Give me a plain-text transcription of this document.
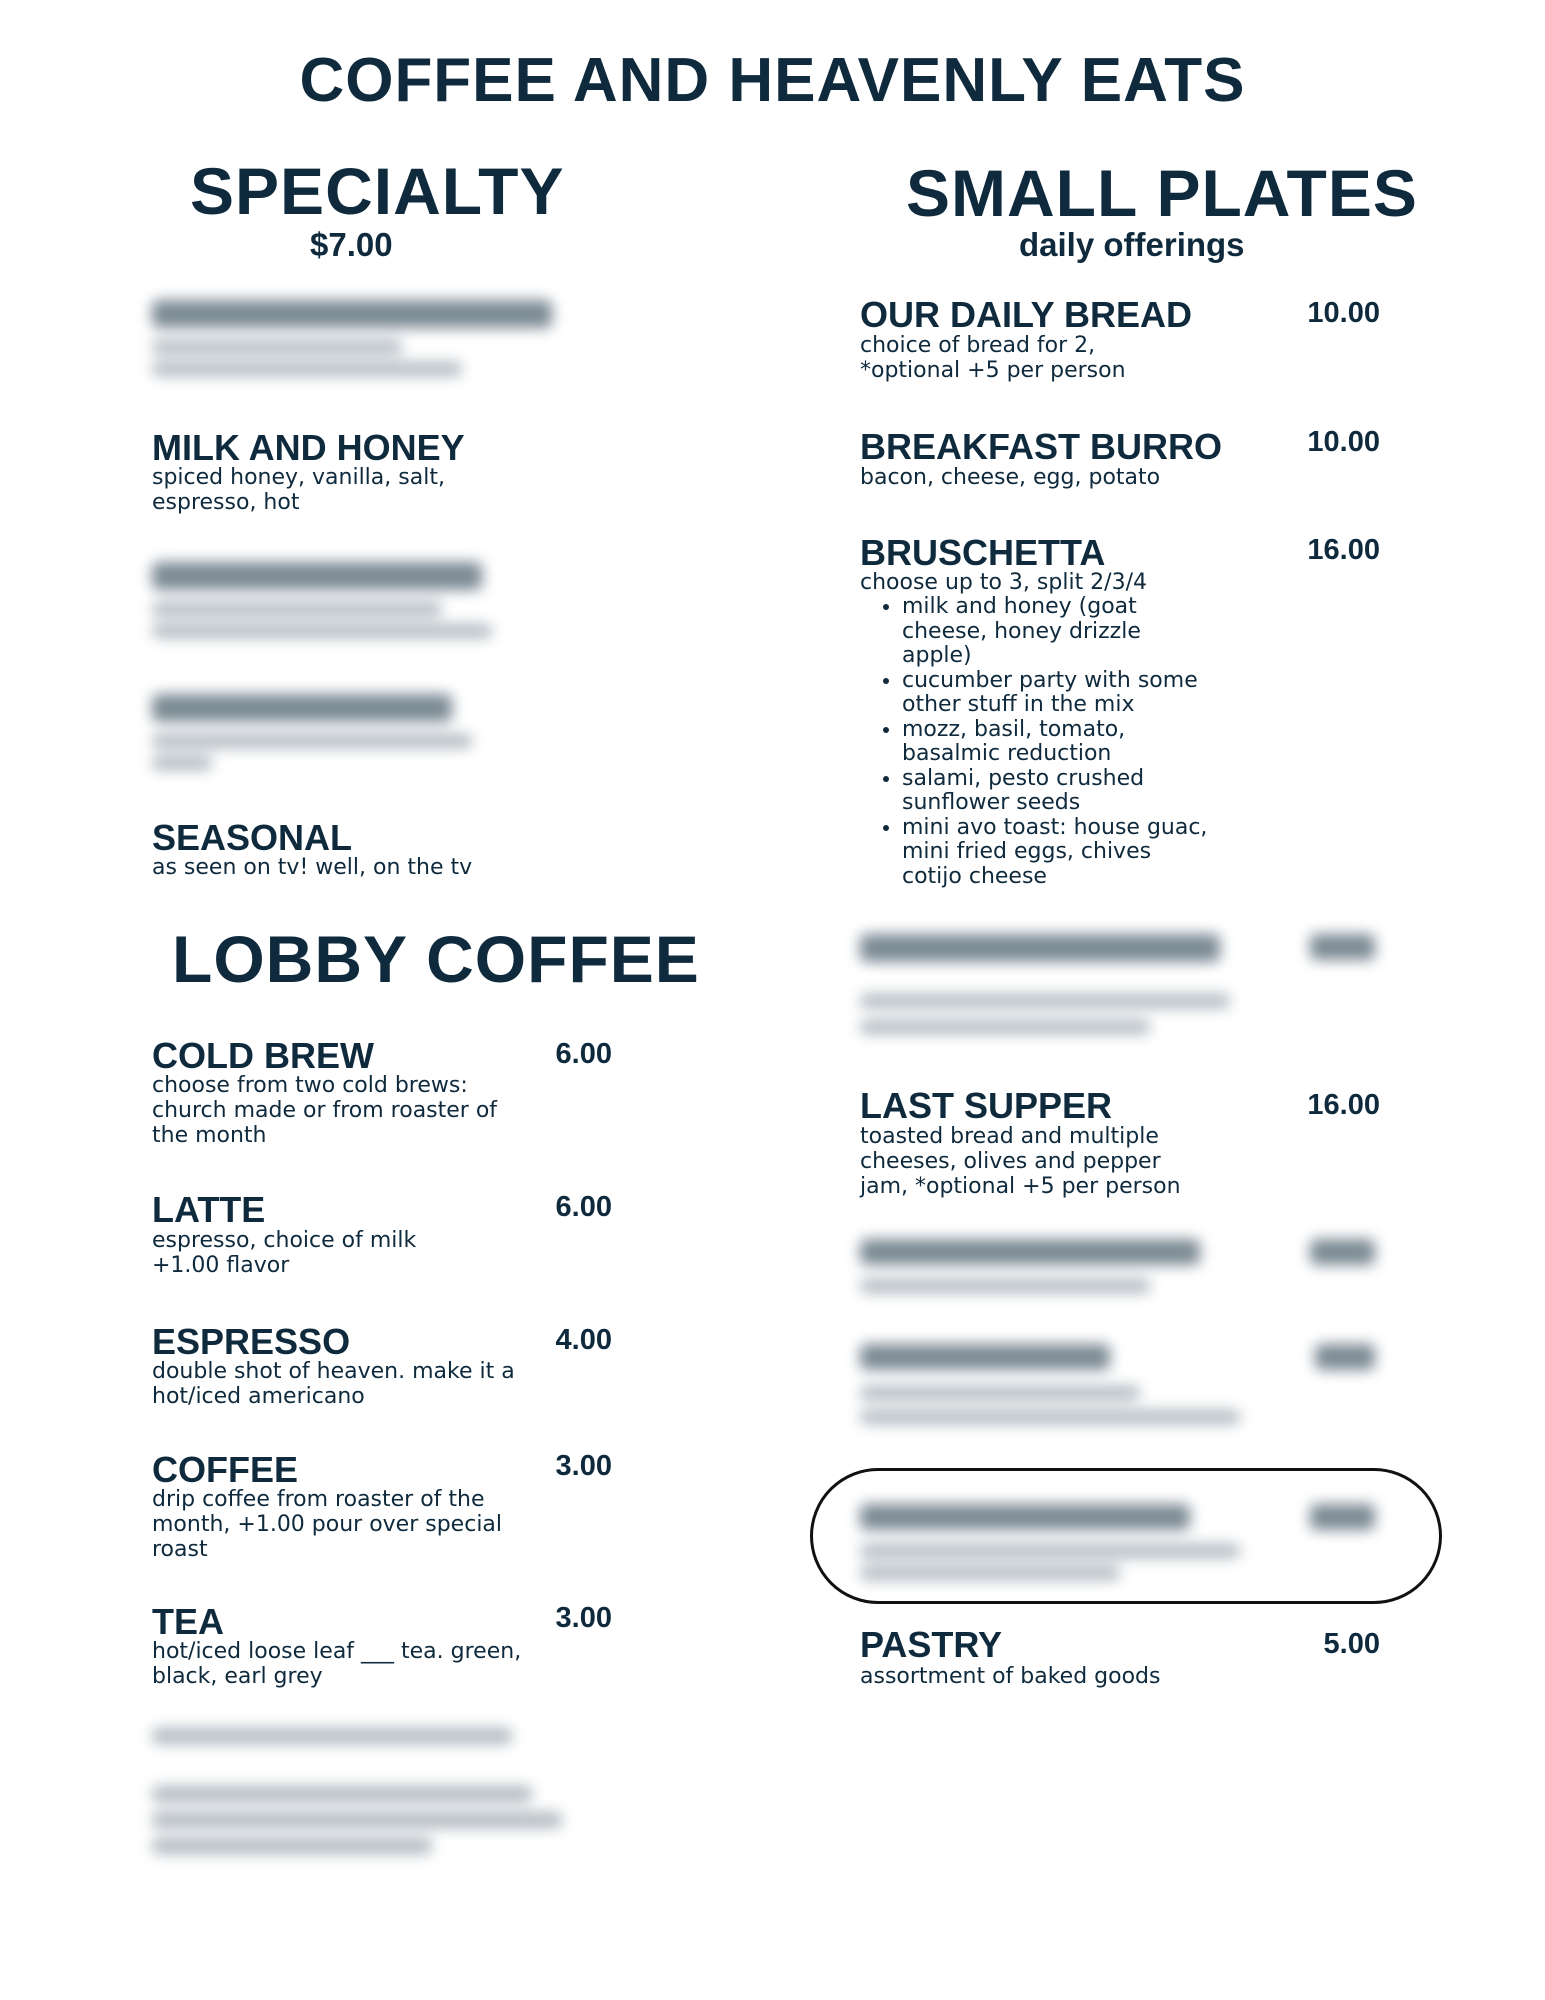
COFFEE AND HEAVENLY EATS
SPECIALTY
$7.00
MILK AND HONEY
spiced honey, vanilla, salt,
espresso, hot
SEASONAL
as seen on tv! well, on the tv
LOBBY COFFEE
COLD BREW	6.00
choose from two cold brews:
church made or from roaster of
the month
LATTE	6.00
espresso, choice of milk
+1.00 flavor
ESPRESSO	4.00
double shot of heaven. make it a
hot/iced americano
COFFEE	3.00
drip coffee from roaster of the
month, +1.00 pour over special
roast
TEA	3.00
hot/iced loose leaf ___ tea. green,
black, earl grey
SMALL PLATES
daily offerings
OUR DAILY BREAD	10.00
choice of bread for 2,
*optional +5 per person
BREAKFAST BURRO	10.00
bacon, cheese, egg, potato
BRUSCHETTA	16.00
choose up to 3, split 2/3/4
• milk and honey (goat
cheese, honey drizzle
apple)
• cucumber party with some
other stuff in the mix
• mozz, basil, tomato,
basalmic reduction
• salami, pesto crushed
sunflower seeds
• mini avo toast: house guac,
mini fried eggs, chives
cotijo cheese
LAST SUPPER	16.00
toasted bread and multiple
cheeses, olives and pepper
jam, *optional +5 per person
PASTRY	5.00
assortment of baked goods
